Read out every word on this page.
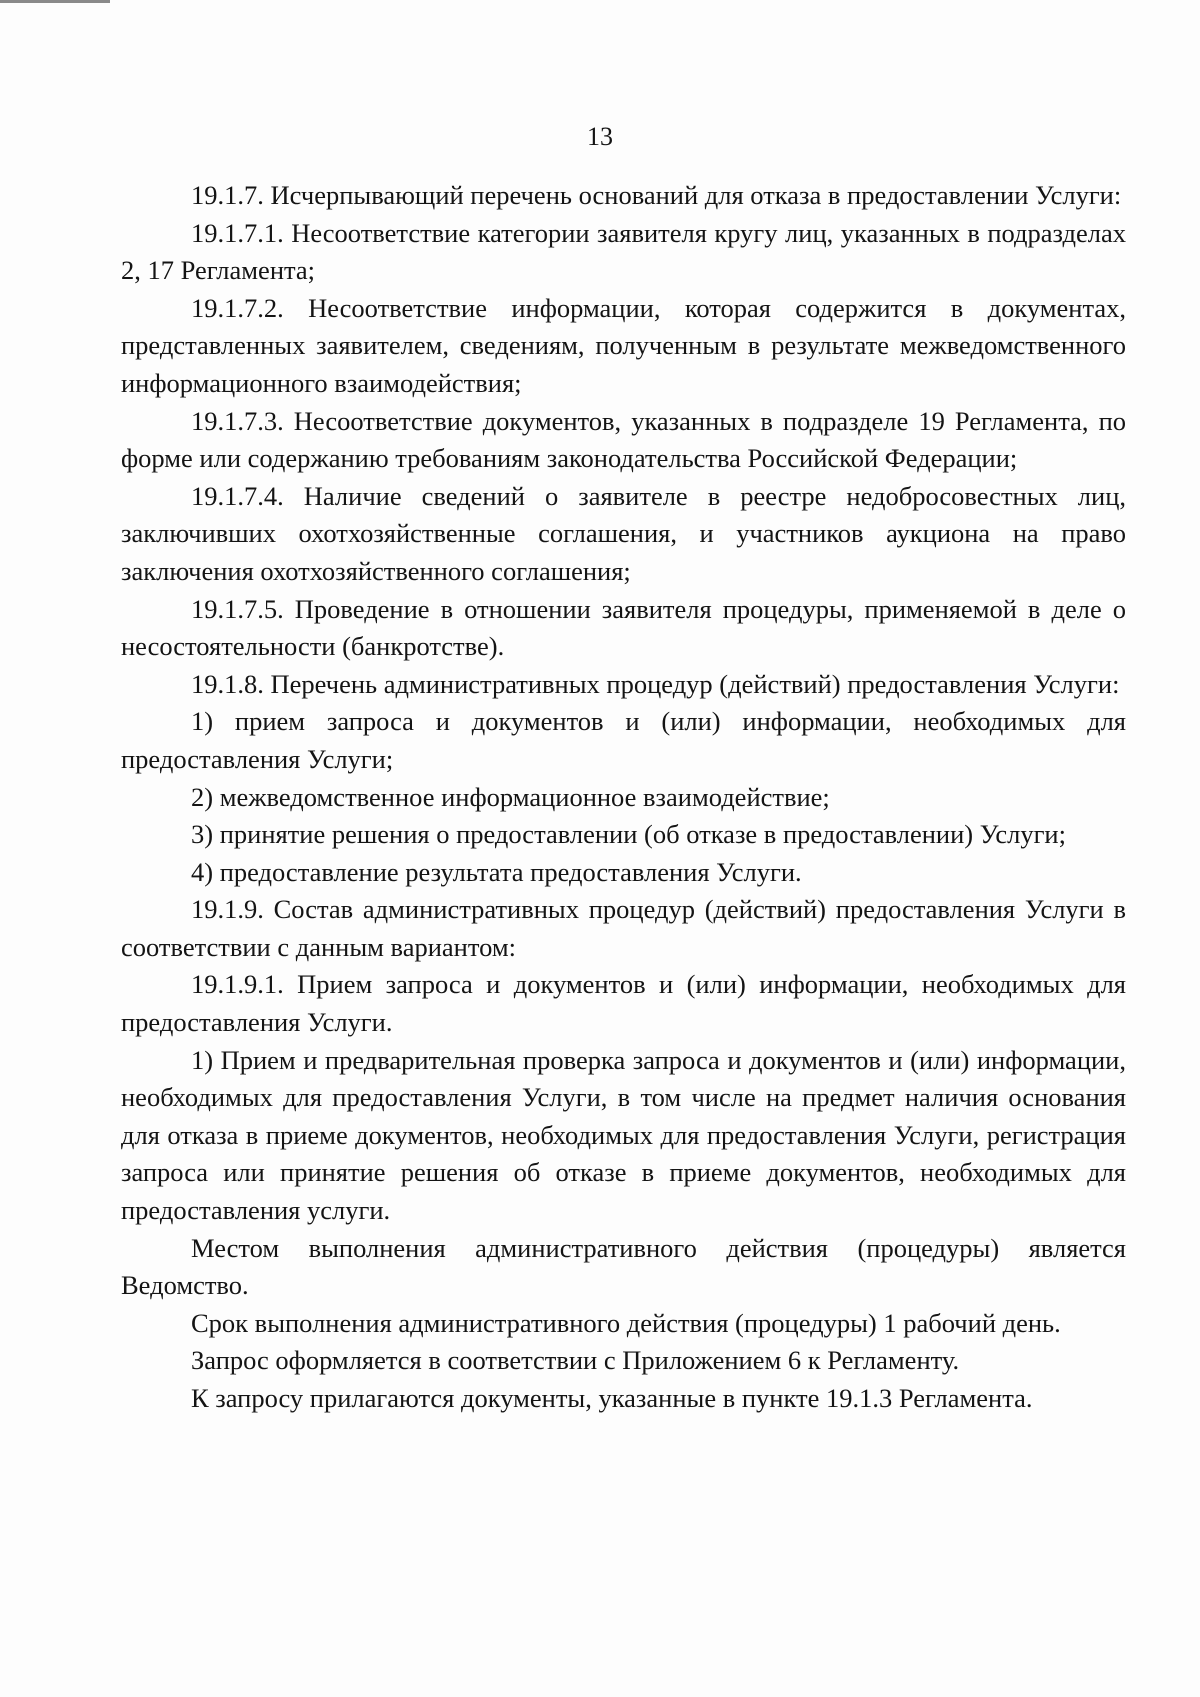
13

19.1.7. Исчерпывающий перечень оснований для отказа в предоставлении Услуги:

19.1.7.1. Несоответствие категории заявителя кругу лиц, указанных в подразделах 2, 17 Регламента;

19.1.7.2. Несоответствие информации, которая содержится в документах, представленных заявителем, сведениям, полученным в результате межведомственного информационного взаимодействия;

19.1.7.3. Несоответствие документов, указанных в подразделе 19 Регламента, по форме или содержанию требованиям законодательства Российской Федерации;

19.1.7.4. Наличие сведений о заявителе в реестре недобросовестных лиц, заключивших охотхозяйственные соглашения, и участников аукциона на право заключения охотхозяйственного соглашения;

19.1.7.5. Проведение в отношении заявителя процедуры, применяемой в деле о несостоятельности (банкротстве).

19.1.8. Перечень административных процедур (действий) предоставления Услуги:

1) прием запроса и документов и (или) информации, необходимых для предоставления Услуги;

2) межведомственное информационное взаимодействие;

3) принятие решения о предоставлении (об отказе в предоставлении) Услуги;

4) предоставление результата предоставления Услуги.

19.1.9. Состав административных процедур (действий) предоставления Услуги в соответствии с данным вариантом:

19.1.9.1. Прием запроса и документов и (или) информации, необходимых для предоставления Услуги.

1) Прием и предварительная проверка запроса и документов и (или) информации, необходимых для предоставления Услуги, в том числе на предмет наличия основания для отказа в приеме документов, необходимых для предоставления Услуги, регистрация запроса или принятие решения об отказе в приеме документов, необходимых для предоставления услуги.

Местом выполнения административного действия (процедуры) является Ведомство.

Срок выполнения административного действия (процедуры) 1 рабочий день.

Запрос оформляется в соответствии с Приложением 6 к Регламенту.

К запросу прилагаются документы, указанные в пункте 19.1.3 Регламента.
